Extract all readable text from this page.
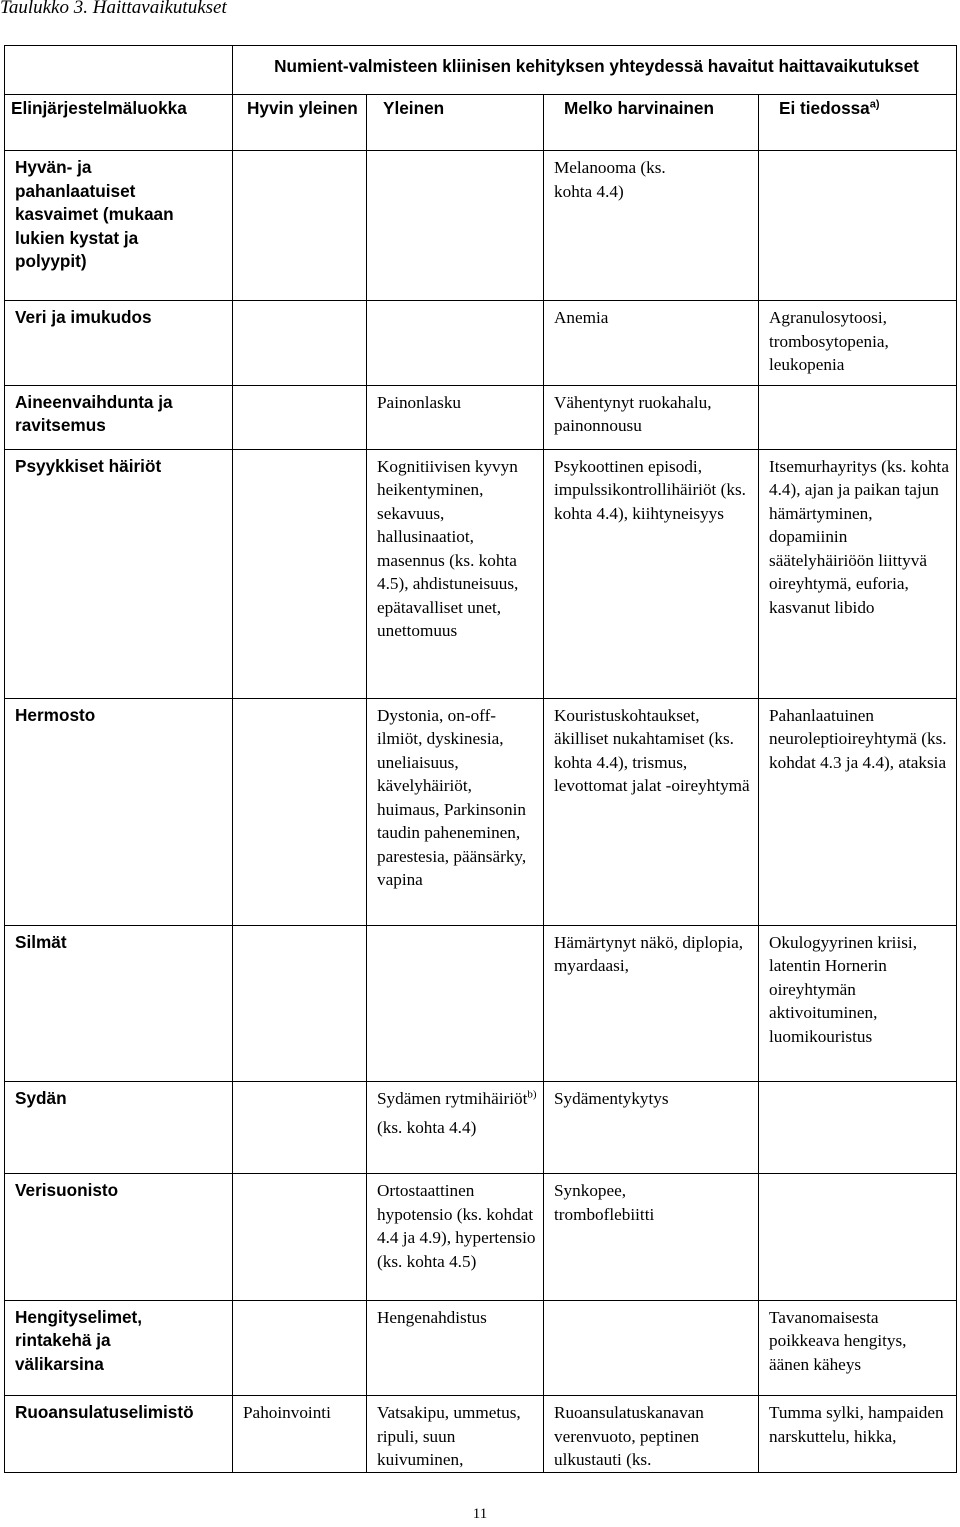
Taulukko 3. Haittavaikutukset

	Numient-valmisteen kliinisen kehityksen yhteydessä havaitut haittavaikutukset			

Elinjärjestelmäluokka	Hyvin yleinen	Yleinen	Melko harvinainen	Ei tiedossa$^{a)}$

Hyvän- ja pahanlaatuiset kasvaimet (mukaan lukien kystat ja polyypit)			Melanooma (ks. kohta 4.4)	

Veri ja imukudos			Anemia	Agranulosytoosi, trombosytopenia, leukopenia

Aineenvaihdunta ja ravitsemus		Painonlasku	Vähentynyt ruokahalu, painonnousu	

Psyykkiset häiriöt		Kognitiivisen kyvyn heikentyminen, sekavuus, hallusinaatiot, masennus (ks. kohta 4.5), ahdistuneisuus, epätavalliset unet, unettomuus	Psykoottinen episodi, impulssikontrollihäiriöt (ks. kohta 4.4), kiihtyneisyys	Itsemurhayritys (ks. kohta 4.4), ajan ja paikan tajun hämärtyminen, dopamiinin säätelyhäiriöön liittyvä oireyhtymä, euforia, kasvanut libido

Hermosto		Dystonia, on-off-ilmiöt, dyskinesia, uneliaisuus, kävelyhäiriöt, huimaus, Parkinsonin taudin paheneminen, parestesia, päänsärky, vapina	Kouristuskohtaukset, äkilliset nukahtamiset (ks. kohta 4.4), trismus, levottomat jalat -oireyhtymä	Pahanlaatuinen neuroleptioireyhtymä (ks. kohdat 4.3 ja 4.4), ataksia

Silmät			Hämärtynyt näkö, diplopia, myardaasi,	Okulogyyrinen kriisi, latentin Hornerin oireyhtymän aktivoituminen, luomikouristus

Sydän		Sydämen rytmihäiriöt$^{b)}$
(ks. kohta 4.4)	Sydämentykytys	

Verisuonisto		Ortostaattinen hypotensio (ks. kohdat 4.4 ja 4.9), hypertensio (ks. kohta 4.5)	Synkopee, tromboflebiitti	

Hengityselimet, rintakehä ja välikarsina		Hengenahdistus		Tavanomaisesta poikkeava hengitys, äänen käheys

Ruoansulatuselimistö	Pahoinvointi	Vatsakipu, ummetus, ripuli, suun kuivuminen,	Ruoansulatuskanavan verenvuoto, peptinen ulkustauti (ks.	Tumma sylki, hampaiden narskuttelu, hikka,
11
